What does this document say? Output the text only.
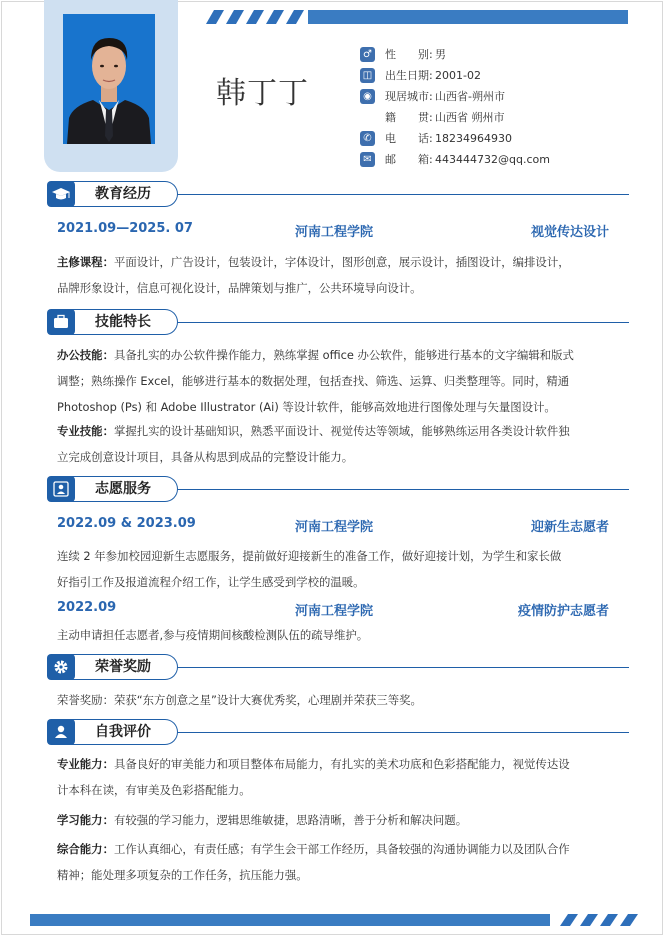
韩丁丁
♂ 性　　别: 男
◫ 出生日期: 2001-02
◉ 现居城市: 山西省-朔州市
籍　　贯: 山西省 朔州市
✆	电　　话: 18234964930
✉	邮　　箱: 443444732@qq.com
教育经历
2021.09—2025. 07	河南工程学院	视觉传达设计
主修课程：平面设计，广告设计，包装设计，字体设计，图形创意，展示设计，插图设计，编排设计，
品牌形象设计，信息可视化设计，品牌策划与推广，公共环境导向设计。
技能特长
办公技能：具备扎实的办公软件操作能力，熟练掌握 office 办公软件，能够进行基本的文字编辑和版式
调整；熟练操作 Excel，能够进行基本的数据处理，包括查找、筛选、运算、归类整理等。同时，精通
Photoshop (Ps) 和 Adobe Illustrator (Ai) 等设计软件，能够高效地进行图像处理与矢量图设计。
专业技能：掌握扎实的设计基础知识，熟悉平面设计、视觉传达等领域，能够熟练运用各类设计软件独
立完成创意设计项目，具备从构思到成品的完整设计能力。
志愿服务
2022.09 & 2023.09	河南工程学院	迎新生志愿者
连续 2 年参加校园迎新生志愿服务，提前做好迎接新生的准备工作，做好迎接计划，为学生和家长做
好指引工作及报道流程介绍工作，让学生感受到学校的温暖。
2022.09	河南工程学院	疫情防护志愿者
主动申请担任志愿者,参与疫情期间核酸检测队伍的疏导维护。
荣誉奖励
荣誉奖励：荣获“东方创意之星”设计大赛优秀奖，心理剧并荣获三等奖。
自我评价
专业能力：具备良好的审美能力和项目整体布局能力，有扎实的美术功底和色彩搭配能力，视觉传达设
计本科在读，有审美及色彩搭配能力。
学习能力：有较强的学习能力，逻辑思维敏捷，思路清晰，善于分析和解决问题。
综合能力：工作认真细心，有责任感；有学生会干部工作经历，具备较强的沟通协调能力以及团队合作
精神；能处理多项复杂的工作任务，抗压能力强。
